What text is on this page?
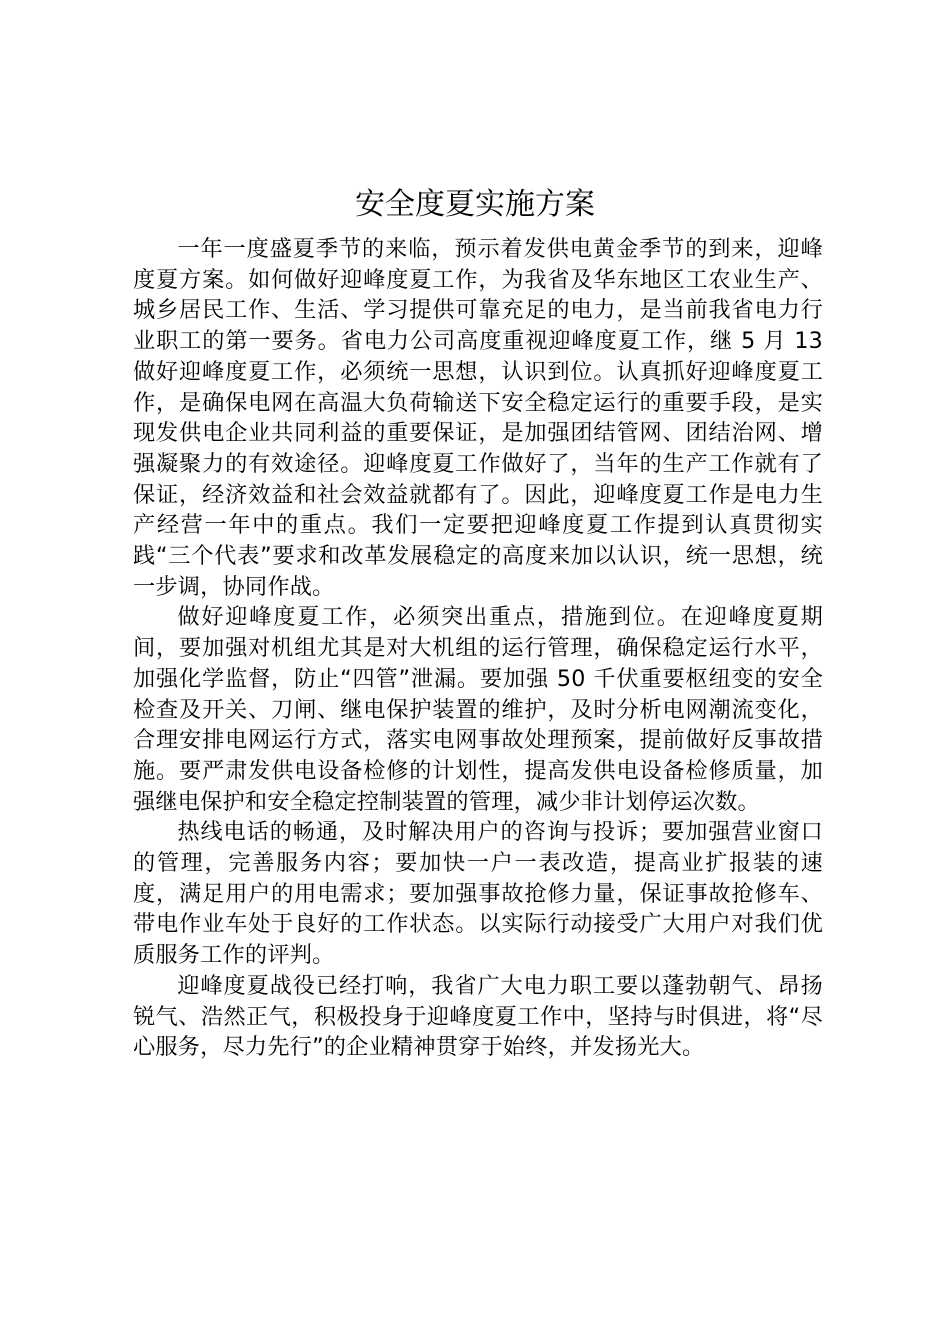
安全度夏实施方案

一年一度盛夏季节的来临，预示着发供电黄金季节的到来，迎峰度夏方案。如何做好迎峰度夏工作，为我省及华东地区工农业生产、城乡居民工作、生活、学习提供可靠充足的电力，是当前我省电力行业职工的第一要务。省电力公司高度重视迎峰度夏工作，继 5 月 13 做好迎峰度夏工作，必须统一思想，认识到位。认真抓好迎峰度夏工作，是确保电网在高温大负荷输送下安全稳定运行的重要手段，是实现发供电企业共同利益的重要保证，是加强团结管网、团结治网、增强凝聚力的有效途径。迎峰度夏工作做好了，当年的生产工作就有了保证，经济效益和社会效益就都有了。因此，迎峰度夏工作是电力生产经营一年中的重点。我们一定要把迎峰度夏工作提到认真贯彻实践“三个代表”要求和改革发展稳定的高度来加以认识，统一思想，统一步调，协同作战。

做好迎峰度夏工作，必须突出重点，措施到位。在迎峰度夏期间，要加强对机组尤其是对大机组的运行管理，确保稳定运行水平，加强化学监督，防止“四管”泄漏。要加强 50 千伏重要枢纽变的安全检查及开关、刀闸、继电保护装置的维护，及时分析电网潮流变化，合理安排电网运行方式，落实电网事故处理预案，提前做好反事故措施。要严肃发供电设备检修的计划性，提高发供电设备检修质量，加强继电保护和安全稳定控制装置的管理，减少非计划停运次数。

热线电话的畅通，及时解决用户的咨询与投诉；要加强营业窗口的管理，完善服务内容；要加快一户一表改造，提高业扩报装的速度，满足用户的用电需求；要加强事故抢修力量，保证事故抢修车、带电作业车处于良好的工作状态。以实际行动接受广大用户对我们优质服务工作的评判。

迎峰度夏战役已经打响，我省广大电力职工要以蓬勃朝气、昂扬锐气、浩然正气，积极投身于迎峰度夏工作中，坚持与时俱进，将“尽心服务，尽力先行”的企业精神贯穿于始终，并发扬光大。
